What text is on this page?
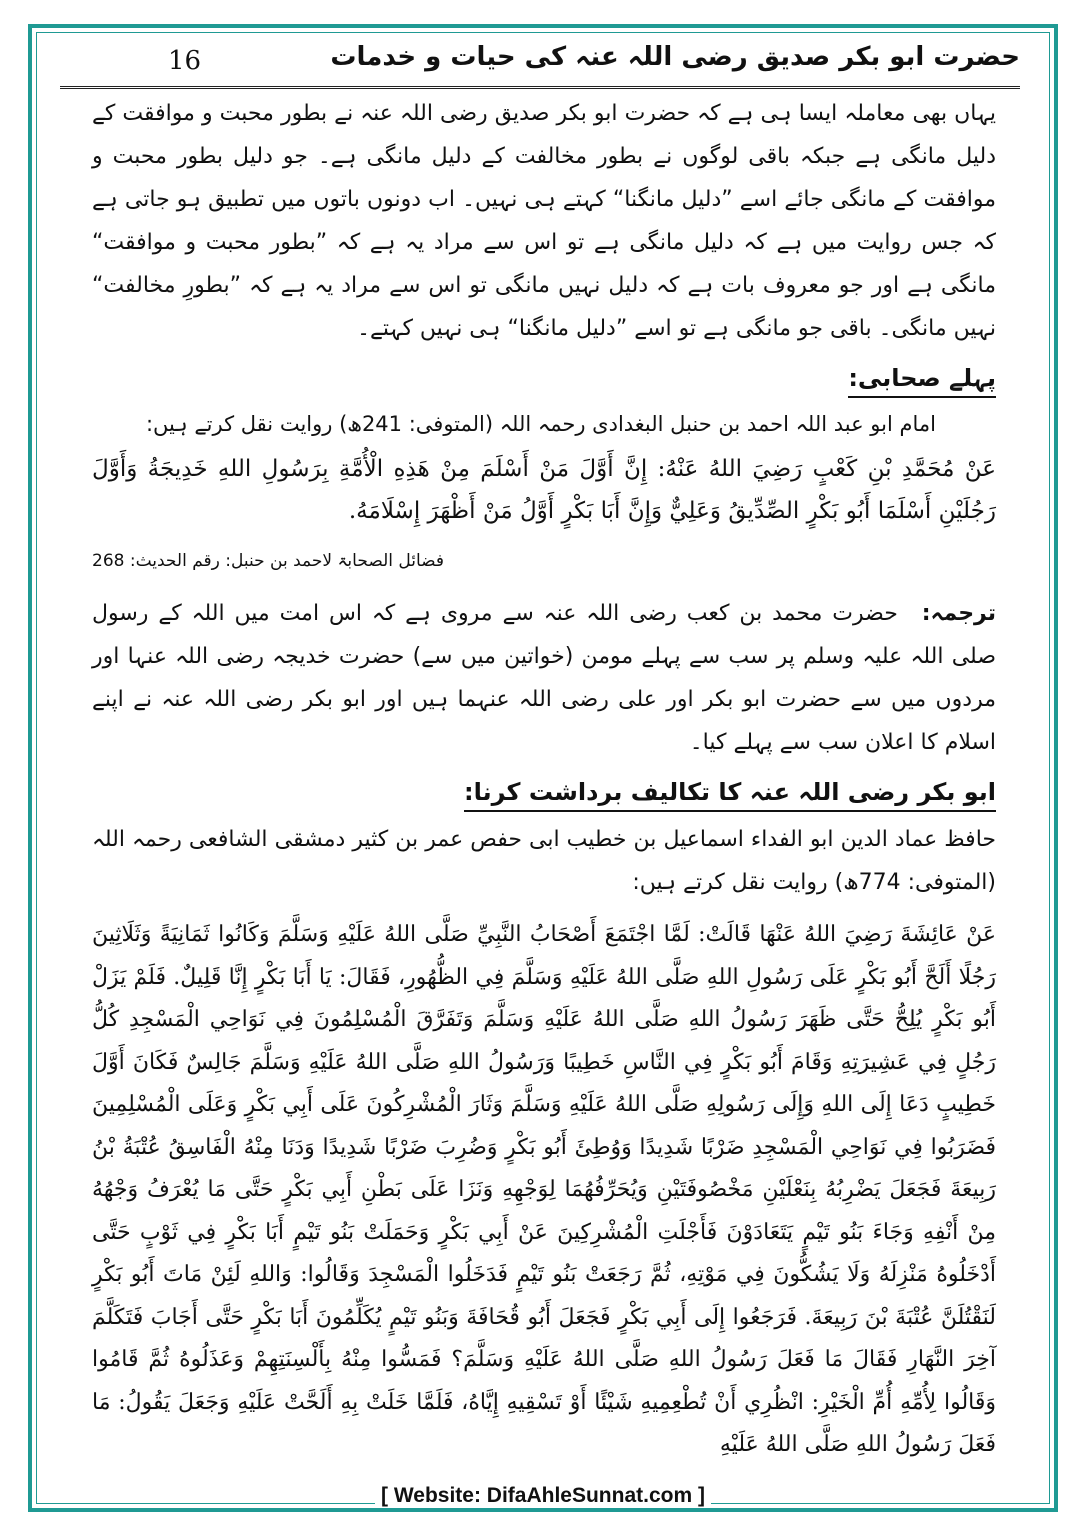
حضرت ابو بکر صدیق رضی اللہ عنہ کی حیات و خدمات
16

یہاں بھی معاملہ ایسا ہی ہے کہ حضرت ابو بکر صدیق رضی اللہ عنہ نے بطور محبت و موافقت کے دلیل مانگی ہے جبکہ باقی لوگوں نے بطور مخالفت کے دلیل مانگی ہے۔ جو دلیل بطور محبت و موافقت کے مانگی جائے اسے ”دلیل مانگنا“ کہتے ہی نہیں۔ اب دونوں باتوں میں تطبیق ہو جاتی ہے کہ جس روایت میں ہے کہ دلیل مانگی ہے تو اس سے مراد یہ ہے کہ ”بطور محبت و موافقت“ مانگی ہے اور جو معروف بات ہے کہ دلیل نہیں مانگی تو اس سے مراد یہ ہے کہ ”بطورِ مخالفت“ نہیں مانگی۔ باقی جو مانگی ہے تو اسے ”دلیل مانگنا“ ہی نہیں کہتے۔

پہلے صحابی:

امام ابو عبد اللہ احمد بن حنبل البغدادی رحمہ اللہ (المتوفی: 241ھ) روایت نقل کرتے ہیں:

عَنْ مُحَمَّدِ بْنِ كَعْبٍ رَضِيَ اللهُ عَنْهُ: إِنَّ أَوَّلَ مَنْ أَسْلَمَ مِنْ هَذِهِ الْأُمَّةِ بِرَسُولِ اللهِ خَدِيجَةُ وَأَوَّلَ رَجُلَيْنِ أَسْلَمَا أَبُو بَكْرٍ الصِّدِّيقُ وَعَلِيٌّ وَإِنَّ أَبَا بَكْرٍ أَوَّلُ مَنْ أَظْهَرَ إِسْلَامَهُ.

فضائل الصحابۃ لاحمد بن حنبل: رقم الحدیث: 268

ترجمہ: حضرت محمد بن کعب رضی اللہ عنہ سے مروی ہے کہ اس امت میں اللہ کے رسول صلی اللہ علیہ وسلم پر سب سے پہلے مومن (خواتین میں سے) حضرت خدیجہ رضی اللہ عنہا اور مردوں میں سے حضرت ابو بکر اور علی رضی اللہ عنہما ہیں اور ابو بکر رضی اللہ عنہ نے اپنے اسلام کا اعلان سب سے پہلے کیا۔

ابو بکر رضی اللہ عنہ کا تکالیف برداشت کرنا:

حافظ عماد الدین ابو الفداء اسماعیل بن خطیب ابی حفص عمر بن کثیر دمشقی الشافعی رحمہ اللہ (المتوفی: 774ھ) روایت نقل کرتے ہیں:

عَنْ عَائِشَةَ رَضِيَ اللهُ عَنْهَا قَالَتْ: لَمَّا اجْتَمَعَ أَصْحَابُ النَّبِيِّ صَلَّى اللهُ عَلَيْهِ وَسَلَّمَ وَكَانُوا ثَمَانِيَةً وَثَلَاثِينَ رَجُلًا أَلَحَّ أَبُو بَكْرٍ عَلَى رَسُولِ اللهِ صَلَّى اللهُ عَلَيْهِ وَسَلَّمَ فِي الظُّهُورِ، فَقَالَ: يَا أَبَا بَكْرٍ إِنَّا قَلِيلٌ. فَلَمْ يَزَلْ أَبُو بَكْرٍ يُلِحُّ حَتَّى ظَهَرَ رَسُولُ اللهِ صَلَّى اللهُ عَلَيْهِ وَسَلَّمَ وَتَفَرَّقَ الْمُسْلِمُونَ فِي نَوَاحِي الْمَسْجِدِ كُلُّ رَجُلٍ فِي عَشِيرَتِهِ وَقَامَ أَبُو بَكْرٍ فِي النَّاسِ خَطِيبًا وَرَسُولُ اللهِ صَلَّى اللهُ عَلَيْهِ وَسَلَّمَ جَالِسٌ فَكَانَ أَوَّلَ خَطِيبٍ دَعَا إِلَى اللهِ وَإِلَى رَسُولِهِ صَلَّى اللهُ عَلَيْهِ وَسَلَّمَ وَثَارَ الْمُشْرِكُونَ عَلَى أَبِي بَكْرٍ وَعَلَى الْمُسْلِمِينَ فَضَرَبُوا فِي نَوَاحِي الْمَسْجِدِ ضَرْبًا شَدِيدًا وَوُطِئَ أَبُو بَكْرٍ وَضُرِبَ ضَرْبًا شَدِيدًا وَدَنَا مِنْهُ الْفَاسِقُ عُتْبَةُ بْنُ رَبِيعَةَ فَجَعَلَ يَضْرِبُهُ بِنَعْلَيْنِ مَخْصُوفَتَيْنِ وَيُحَرِّفُهُمَا لِوَجْهِهِ وَنَزَا عَلَى بَطْنِ أَبِي بَكْرٍ حَتَّى مَا يُعْرَفُ وَجْهُهُ مِنْ أَنْفِهِ وَجَاءَ بَنُو تَيْمٍ يَتَعَادَوْنَ فَأَجْلَتِ الْمُشْرِكِينَ عَنْ أَبِي بَكْرٍ وَحَمَلَتْ بَنُو تَيْمٍ أَبَا بَكْرٍ فِي ثَوْبٍ حَتَّى أَدْخَلُوهُ مَنْزِلَهُ وَلَا يَشُكُّونَ فِي مَوْتِهِ، ثُمَّ رَجَعَتْ بَنُو تَيْمٍ فَدَخَلُوا الْمَسْجِدَ وَقَالُوا: وَاللهِ لَئِنْ مَاتَ أَبُو بَكْرٍ لَنَقْتُلَنَّ عُتْبَةَ بْنَ رَبِيعَةَ. فَرَجَعُوا إِلَى أَبِي بَكْرٍ فَجَعَلَ أَبُو قُحَافَةَ وَبَنُو تَيْمٍ يُكَلِّمُونَ أَبَا بَكْرٍ حَتَّى أَجَابَ فَتَكَلَّمَ آخِرَ النَّهَارِ فَقَالَ مَا فَعَلَ رَسُولُ اللهِ صَلَّى اللهُ عَلَيْهِ وَسَلَّمَ؟ فَمَسُّوا مِنْهُ بِأَلْسِنَتِهِمْ وَعَذَلُوهُ ثُمَّ قَامُوا وَقَالُوا لِأُمِّهِ أُمِّ الْخَيْرِ: انْظُرِي أَنْ تُطْعِمِيهِ شَيْئًا أَوْ تَسْقِيهِ إِيَّاهُ، فَلَمَّا خَلَتْ بِهِ أَلَحَّتْ عَلَيْهِ وَجَعَلَ يَقُولُ: مَا فَعَلَ رَسُولُ اللهِ صَلَّى اللهُ عَلَيْهِ

[ Website: DifaAhleSunnat.com ]
